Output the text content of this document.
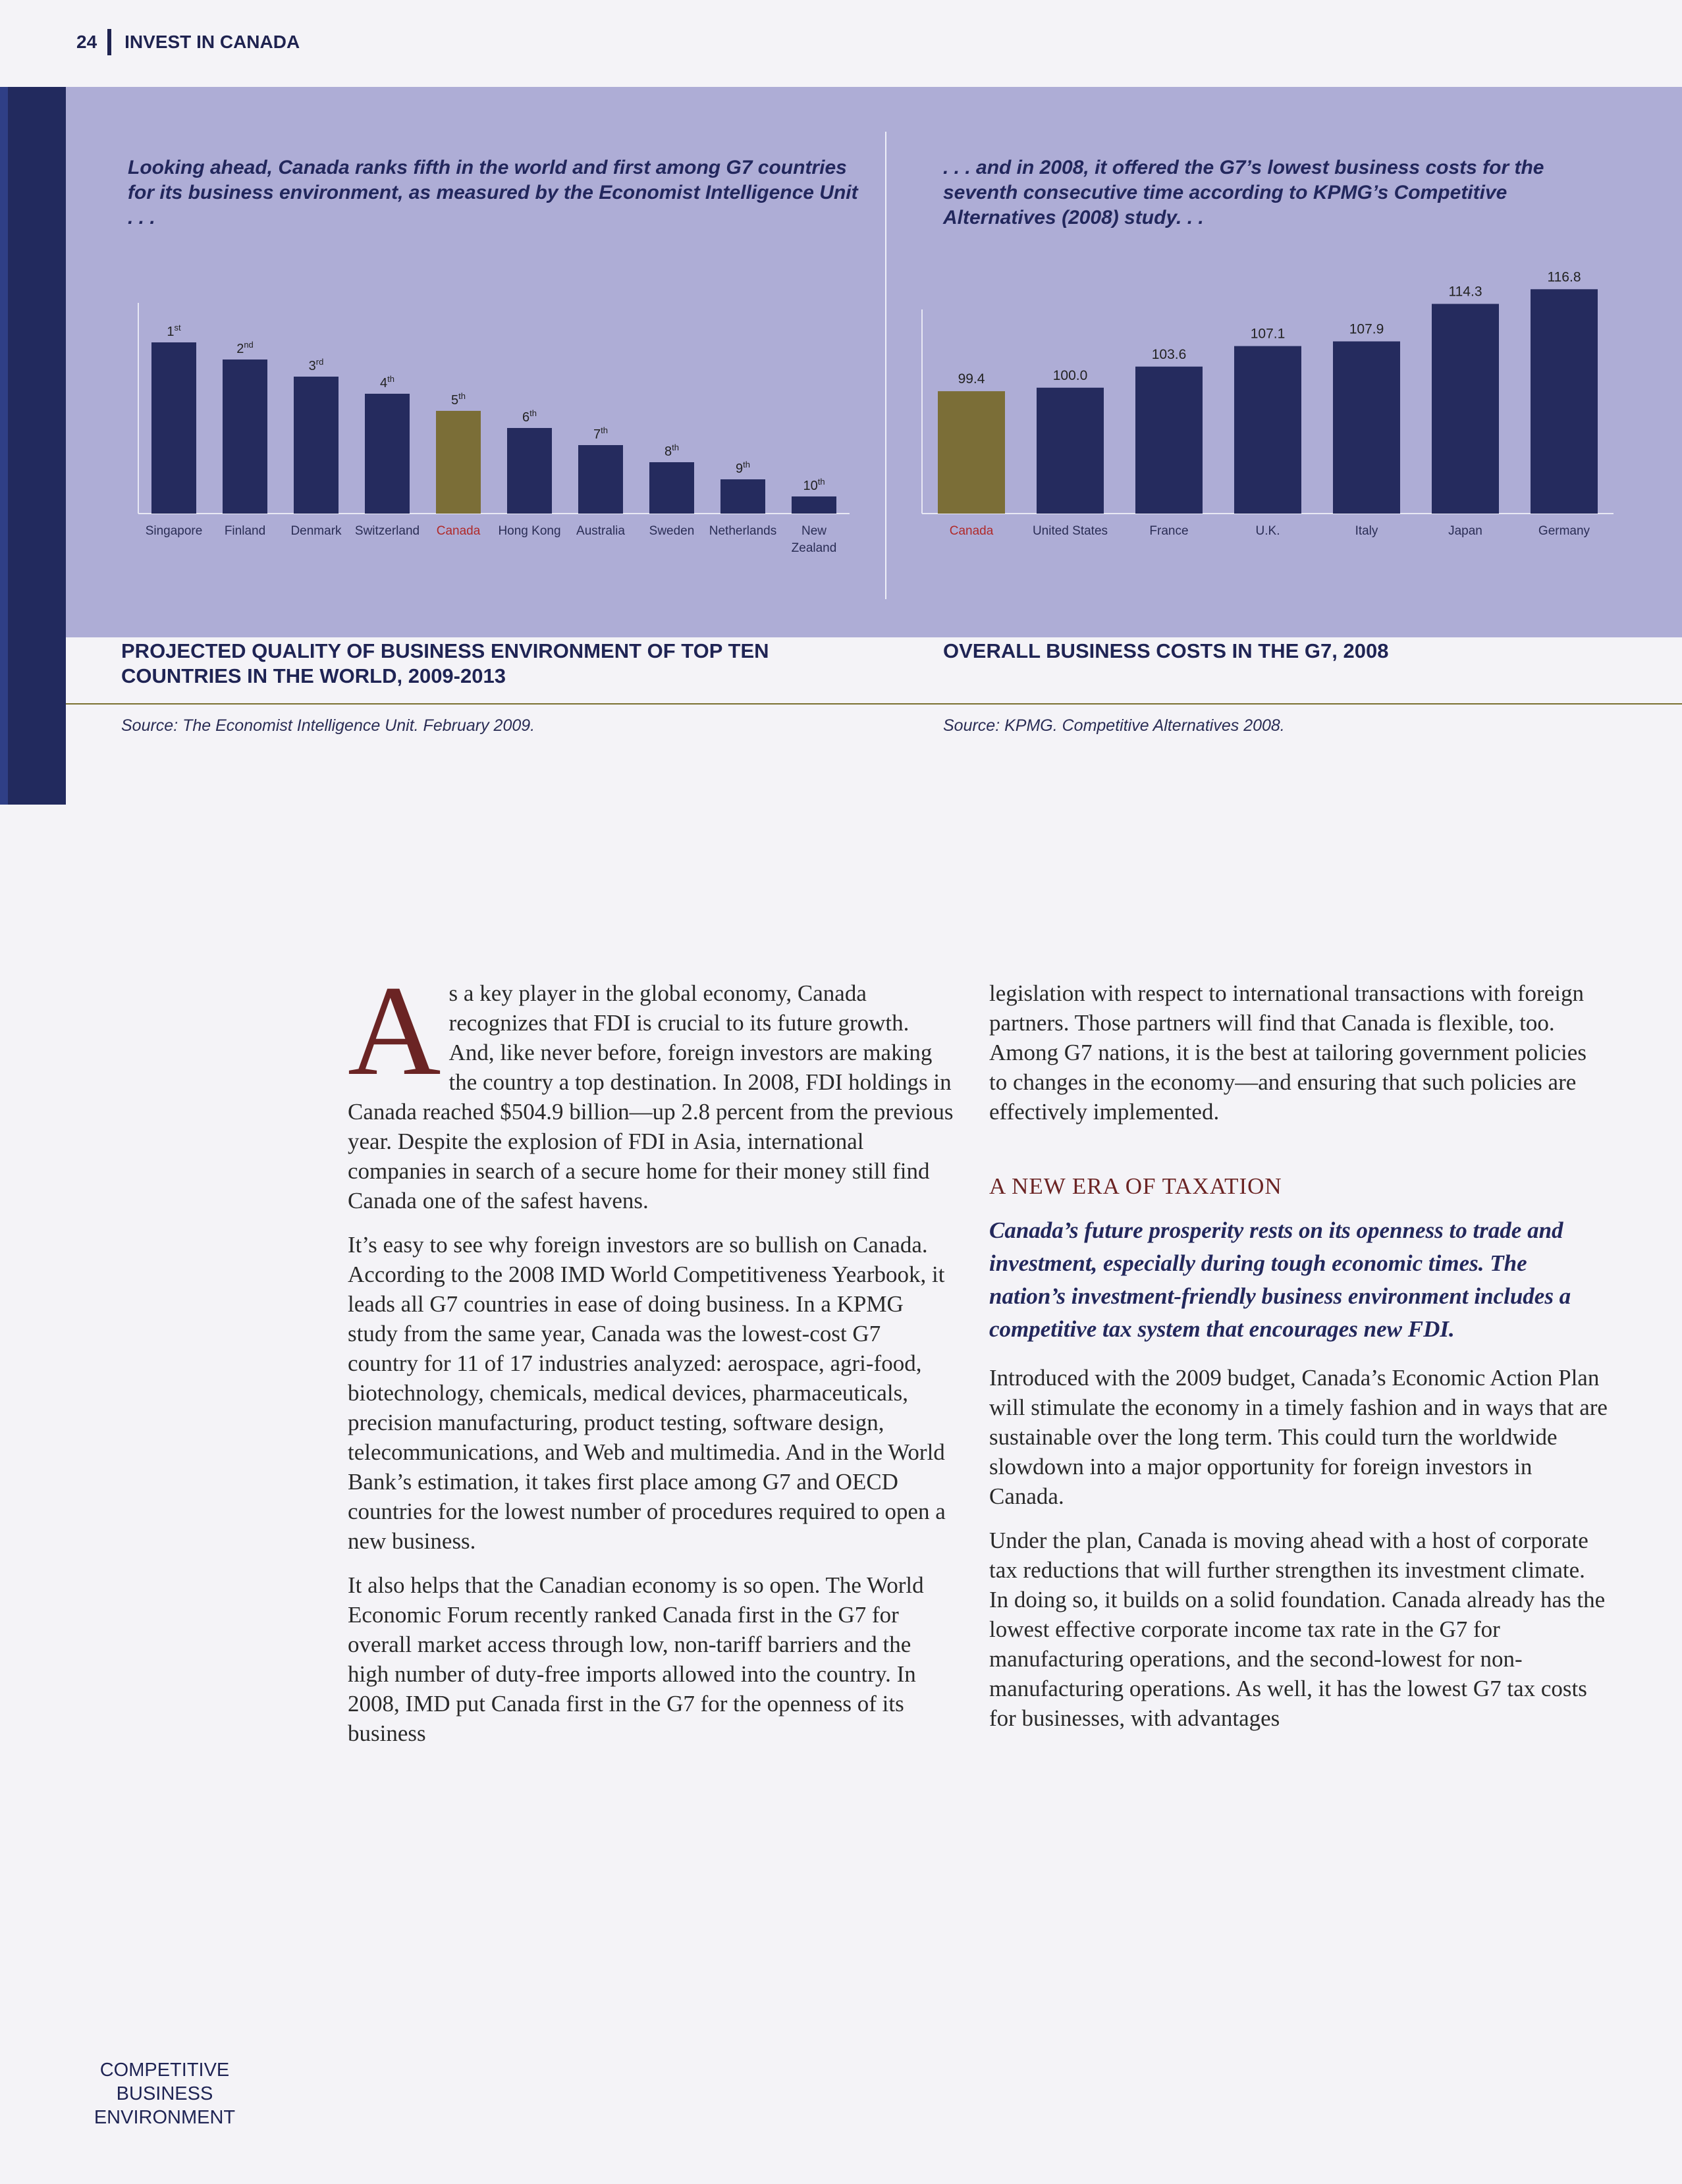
24 INVEST IN CANADA
Looking ahead, Canada ranks fifth in the world and first among G7 countries for its business environment, as measured by the Economist Intelligence Unit . . .
. . . and in 2008, it offered the G7’s lowest business costs for the seventh consecutive time according to KPMG’s Competitive Alternatives (2008) study. . .
1st
Singapore
2nd
Finland
3rd
Denmark
4th
Switzerland
5th
Canada
6th
Hong Kong
7th
Australia
8th
Sweden
9th
Netherlands
10th
New
Zealand
99.4
Canada
100.0
United States
103.6
France
107.1
U.K.
107.9
Italy
114.3
Japan
116.8
Germany
PROJECTED QUALITY OF BUSINESS ENVIRONMENT OF TOP TEN COUNTRIES IN THE WORLD, 2009-2013
OVERALL BUSINESS COSTS IN THE G7, 2008
Source: The Economist Intelligence Unit. February 2009.	Source: KPMG. Competitive Alternatives 2008.

As a key player in the global economy, Canada recognizes that FDI is crucial to its future growth. And, like never before, foreign investors are making the country a top destination. In 2008, FDI holdings in Canada reached $504.9 billion—up 2.8 percent from the previous year. Despite the explosion of FDI in Asia, international companies in search of a secure home for their money still find Canada one of the safest havens.

It’s easy to see why foreign investors are so bullish on Canada. According to the 2008 IMD World Competitiveness Yearbook, it leads all G7 countries in ease of doing business. In a KPMG study from the same year, Canada was the lowest-cost G7 country for 11 of 17 industries analyzed: aerospace, agri-food, biotechnology, chemicals, medical devices, pharmaceuticals, precision manufacturing, product testing, software design, telecommunications, and Web and multimedia. And in the World Bank’s estimation, it takes first place among G7 and OECD countries for the lowest number of procedures required to open a new business.

It also helps that the Canadian economy is so open. The World Economic Forum recently ranked Canada first in the G7 for overall market access through low, non-tariff barriers and the high number of duty-free imports allowed into the country. In 2008, IMD put Canada first in the G7 for the openness of its business

legislation with respect to international transactions with foreign partners. Those partners will find that Canada is flexible, too. Among G7 nations, it is the best at tailoring government policies to changes in the economy—and ensuring that such policies are effectively implemented.

A NEW ERA OF TAXATION
Canada’s future prosperity rests on its openness to trade and investment, especially during tough economic times. The nation’s investment-friendly business environment includes a competitive tax system that encourages new FDI.

Introduced with the 2009 budget, Canada’s Economic Action Plan will stimulate the economy in a timely fashion and in ways that are sustainable over the long term. This could turn the worldwide slowdown into a major opportunity for foreign investors in Canada.

Under the plan, Canada is moving ahead with a host of corporate tax reductions that will further strengthen its investment climate. In doing so, it builds on a solid foundation. Canada already has the lowest effective corporate income tax rate in the G7 for manufacturing operations, and the second-lowest for non-manufacturing operations. As well, it has the lowest G7 tax costs for businesses, with advantages

COMPETITIVE BUSINESS ENVIRONMENT
